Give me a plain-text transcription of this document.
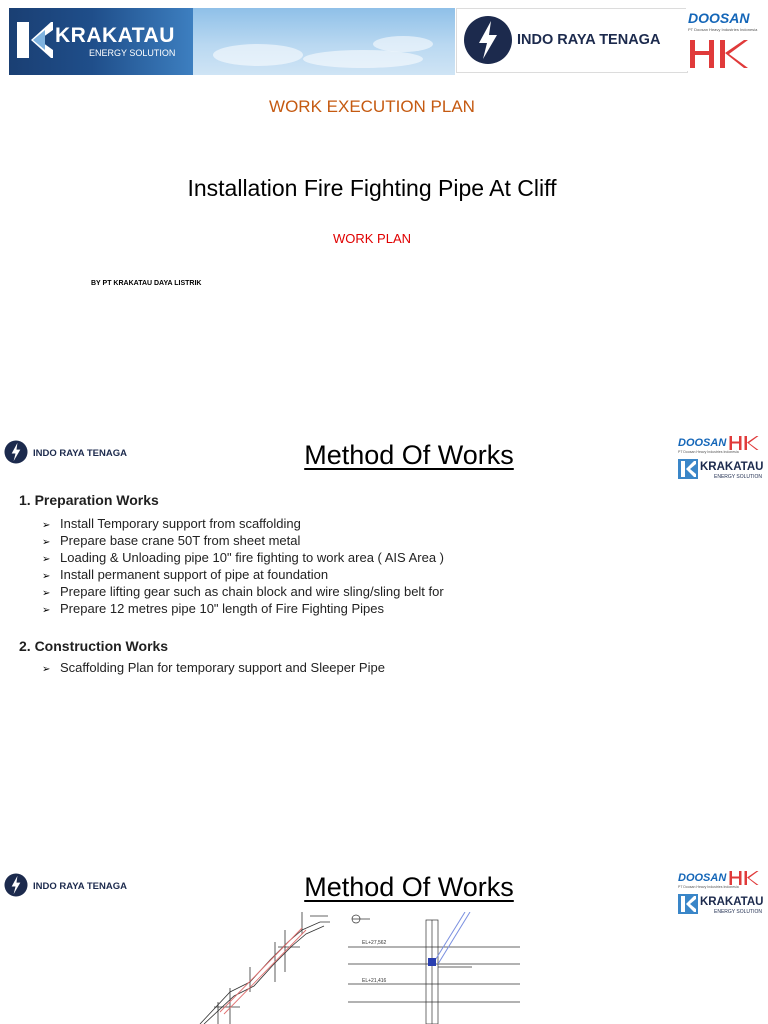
KRAKATAU
ENERGY SOLUTION
INDO RAYA TENAGA
DOOSAN
PT Doosan Heavy Industries Indonesia
WORK EXECUTION PLAN
Installation Fire Fighting Pipe At Cliff
WORK PLAN
BY PT KRAKATAU DAYA LISTRIK
INDO RAYA TENAGA	Method Of Works	DOOSAN
PT Doosan Heavy Industries Indonesia
KRAKATAU
ENERGY SOLUTION
1. Preparation Works
➢ Install Temporary support from scaffolding
➢ Prepare base crane 50T from sheet metal
➢ Loading & Unloading pipe 10" fire fighting to work area ( AIS Area )
➢ Install permanent support of pipe at foundation
➢ Prepare lifting gear such as chain block and wire sling/sling belt for
➢ Prepare 12 metres pipe 10" length of Fire Fighting Pipes
2. Construction Works
➢ Scaffolding Plan for temporary support and Sleeper Pipe
INDO RAYA TENAGA	Method Of Works	DOOSAN
PT Doosan Heavy Industries Indonesia
KRAKATAU
ENERGY SOLUTION
EL+27,562
EL+21,416
